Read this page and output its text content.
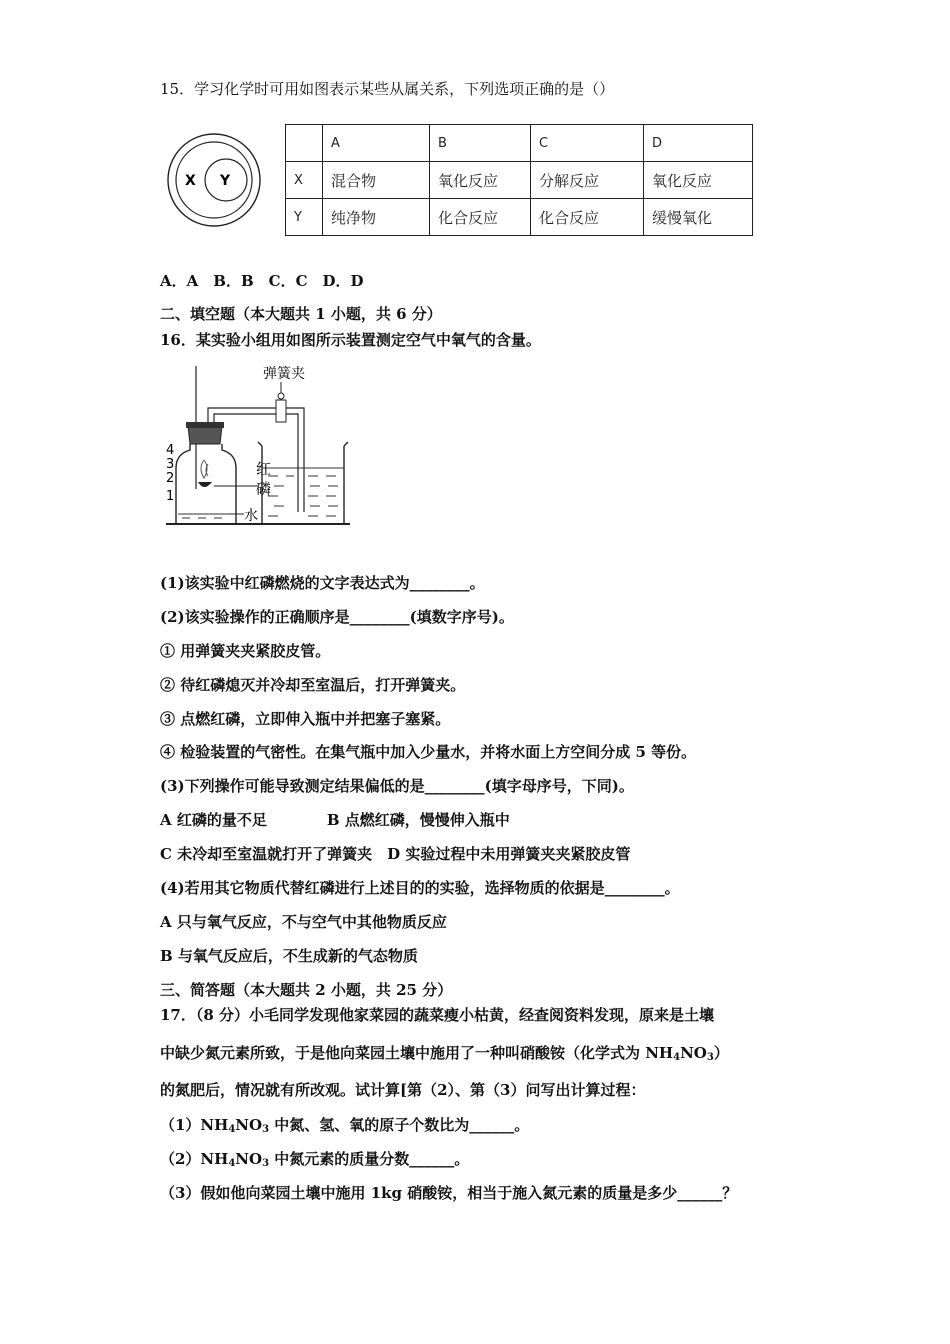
15．学习化学时可用如图表示某些从属关系，下列选项正确的是（）
X Y
	A	B	C	D
X	混合物	氧化反应	分解反应	氧化反应
Y	纯净物	化合反应	化合反应	缓慢氧化
A．A　B．B　C．C　D．D
二、填空题（本大题共 1 小题，共 6 分）
16．某实验小组用如图所示装置测定空气中氧气的含量。
4
3
2
1
弹簧夹
红
磷
水
(1)该实验中红磷燃烧的文字表达式为________。
(2)该实验操作的正确顺序是________(填数字序号)。
① 用弹簧夹夹紧胶皮管。
② 待红磷熄灭并冷却至室温后，打开弹簧夹。
③ 点燃红磷，立即伸入瓶中并把塞子塞紧。
④ 检验装置的气密性。在集气瓶中加入少量水，并将水面上方空间分成 5 等份。
(3)下列操作可能导致测定结果偏低的是________(填字母序号，下同)。
A 红磷的量不足　　　　B 点燃红磷，慢慢伸入瓶中
C 未冷却至室温就打开了弹簧夹　D 实验过程中未用弹簧夹夹紧胶皮管
(4)若用其它物质代替红磷进行上述目的的实验，选择物质的依据是________。
A 只与氧气反应，不与空气中其他物质反应
B 与氧气反应后，不生成新的气态物质
三、简答题（本大题共 2 小题，共 25 分）
17．（8 分）小毛同学发现他家菜园的蔬菜瘦小枯黄，经查阅资料发现，原来是土壤
中缺少氮元素所致，于是他向菜园土壤中施用了一种叫硝酸铵（化学式为 $NH_4NO_3$）
的氮肥后，情况就有所改观。试计算[第（2）、第（3）问写出计算过程：
$(1)NH_4NO_3$ 中氮、氢、氧的原子个数比为______。
$(2)NH_4NO_3$ 中氮元素的质量分数______。
（3）假如他向菜园土壤中施用 1kg 硝酸铵，相当于施入氮元素的质量是多少______？
